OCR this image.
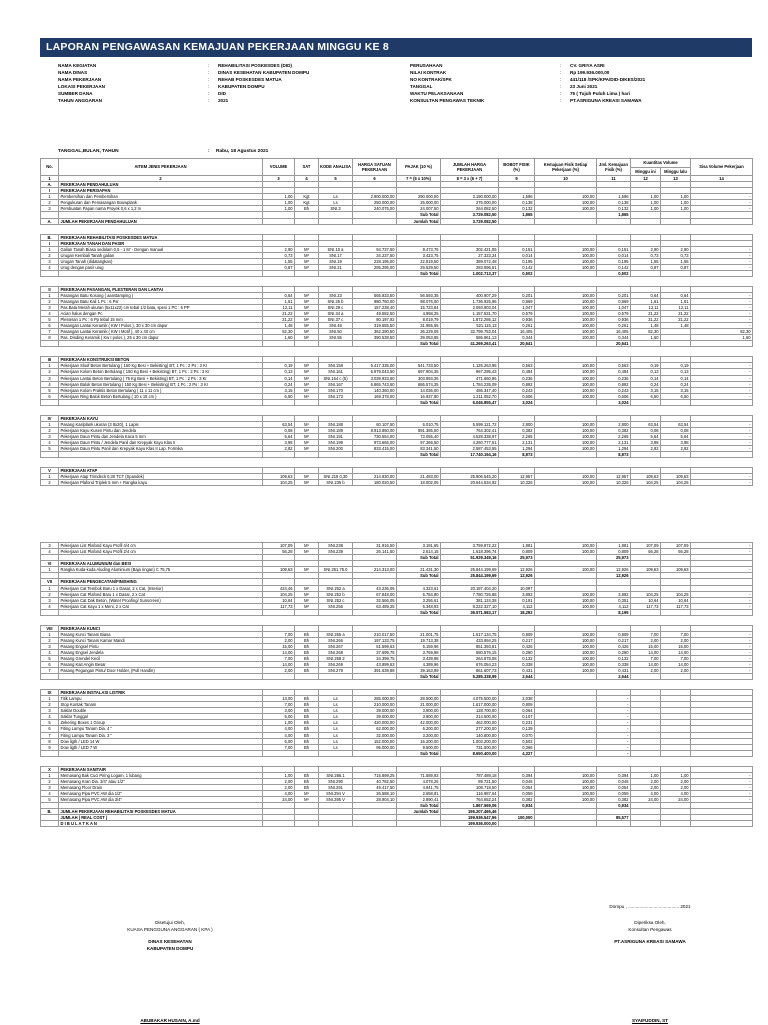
LAPORAN PENGAWASAN KEMAJUAN PEKERJAAN MINGGU KE 8
NAMA KEGIATAN	:	REHABILITASI POSKESDES (DID)
NAMA DINAS	:	DINAS KESEHATAN KABUPATEN DOMPU
NAMA PEKERJAAN	:	REHAB POSKESDES MATUA
LOKASI PEKERJAAN	:	KABUPATEN DOMPU
SUMBER DANA	:	DID
TAHUN ANGGARAN	:	2021
PERUSAHAAN	:	CV. GRIYA ASRI
NILAI KONTRAK	:	Rp 199.936.000,00
NO KONTRAK/SPK	:	441/118 /SPK/KPA/DID-DIKES/2021
TANGGAL	:	23 Juni 2021
WAKTU PELAKSANAAN	:	75 ( Tujuh Puluh Lima ) hari
KONSULTAN PENGAWAS TEKNIK	:	PT.ASRIGUNA KREASI SAMAWA
TANGGAL,BULAN, TAHUN	: Rabu, 18 Agustus 2021
No.	AITEM JENIS PEKERJAAN	VOLUME	SAT	KODE ANALISA	HARGA SATUAN PEKERJAAN	PAJAK (10 %)	JUMLAH HARGA PEKERJAAN	BOBOT FISIK (%)	Kemajuan Fisik Setiap Pekerjaan (%)	Jml. Kemajuan Fisik (%)	Kuantitas Volume		Sisa Volume Pekerjaan
											Minggu ini	Minggu lalu	
1	2	3	4	5	6	7 = (6 x 10%)	8 = 3 x (6 + 7)	9	10	11	12	13	14
A.	PEKERJAAN PENDAHULUAN												
I	PEKERJAAN PERSIAPAN												
1	Pembersihan dan Pembersihan	1,00	Kgt	Ls	2.900.000,00	290.000,00	3.190.000,00	1,596	100,00	1,596	1,00	1,00	-
2	Pengukuran dan Pemasangan Bouwplank	1,00	Kgt	Ls	250.000,00	25.000,00	275.000,00	0,138	100,00	0,138	1,00	1,00	-
3	Pembuatan Papan nama Proyek 0,6 x 1,2 m	1,00	Bh	SNI.3	240.075,00	24.007,50	264.082,50	0,132	100,00	0,132	1,00	1,00	-
						Sub Total	3.729.082,50	1,865		1,865			
A.	JUMLAH PEKERJAAN PENDAHULUAN					Jumlah Total	3.729.082,50						

B.	PEKERJAAN REHABILITASI POSKESDES MATUA												
I	PEKERJAAN TANAH DAN PASIR												
1	Galian Tanah Biasa sedalam 0,5 - 1 M' - Dengan manual	2,90	M³	SNI.10 a	94.737,50	9.473,75	302.421,05	0,151	100,00	0,151	2,90	2,90	-
2	Urugan Kembali Tanah galian	0,73	M³	SNI.17	34.237,50	3.423,75	27.323,24	0,014	100,00	0,014	0,73	0,73	-
3	Urugan Tanah (didatangkan)	1,55	M³	SNI.19	228.195,00	22.819,50	389.072,48	0,195	100,00	0,195	1,55	1,55	-
4	Urug dengan pasir urug	0,87	M³	SNI.21	295.295,00	29.529,50	283.896,61	0,142	100,00	0,142	0,87	0,87	-
						Sub Total	1.002.713,37	0,502		0,502			

II	PEKERJAAN PASANGAN, PLESTERAN DAN LANTAI												
1	Pasangan Batu Kosong ( aanstamping )	0,64	M³	SNI.23	565.933,50	56.593,35	400.907,29	0,201	100,00	0,201	0,64	0,64	-
2	Pasangan Batu Kali 1 Pc : 6 Psr	1,61	M³	SNI.25 b	980.760,00	98.076,00	1.736.925,96	0,869	100,00	0,869	1,61	1,61	-
3	Pas.Bata Merah ukuran (5x11x22) cm tebal 1/2 bata, spesi 1 PC : 6 PP	12,11	M²	SNI.29 c	157.238,40	15.723,84	2.093.803,04	1,047	100,00	1,047	12,11	12,11	-
4	Acian halus dengan Pc	21,22	M²	SNI.34 a	49.582,50	4.958,25	1.157.531,70	0,579	100,00	0,579	21,22	21,22	-
5	Plesteran 1 Pc : 6 Pp tebal 15 mm	21,22	M²	SNI.37 c	80.197,92	8.019,79	1.872.286,12	0,936	100,00	0,936	21,22	21,22	-
6	Pasangan Lantai Keramik ( KW I Polos ), 30 x 30 cm dapur	1,48	M²	SNI.48	319.555,50	31.955,55	521.115,13	0,261	100,00	0,261	1,48	1,48	-
7	Pasangan Lantai Keramik ( KW I Motif ), 40 x 40 cm	82,30	M²	SNI.50	362.290,50	36.229,05	32.799.753,04	16,405	100,00	16,405	82,30		82,30
8	Pas. Dinding Keramik ( Kw I polos ), 25 x 30 cm dapur	1,60	M²	SNI.55	390.538,50	39.053,85	686.961,13	0,344	100,00	0,344	1,60		1,60
						Sub Total	41.269.263,41	20,641		20,641			

III	PEKERJAAN KONSTRUKSI BETON												
1	Pekerjaan Sloof Beton Bertulang ( 150 Kg Besi + Bekisting) BT, 1 Pc : 2 Ps : 3 Kr	0,19	M³	SNI.158	5.417.335,00	541.733,50	1.126.263,95	0,563	100,00	0,563	0,19	0,19	-
2	Pekerjaan Kolom Beton Bertulang ( 150 Kg Besi + Bekisting) BT, 1 Pc : 2 Ps : 3 Kr	0,13	M³	SNI.161	6.979.043,50	697.904,35	967.295,43	0,484	100,00	0,484	0,13	0,13	-
3	Pekerjaan Lantai Beton Bertulang ( 75 Kg Besi + Bekisting) BT, 1 Pc : 2 Ps : 3 Kr	0,14	M³	SNI.164 c (5)	3.039.933,60	303.993,36	471.660,96	0,236	100,00	0,236	0,14	0,14	-
4	Pekerjaan Balok Beton Bertulang ( 150 Kg Besi + Bekisting) BT, 1 Pc : 2 Ps : 3 Kr	0,24	M³	SNI.167	6.865.743,50	686.574,35	1.784.235,09	0,892	100,00	0,892	0,24	0,24	-
5	Pekerjaan Kolom Praktis Beton Bertulang ( 11 x 11 cm )	3,15	M¹	SNI.170	140.360,00	14.036,00	486.347,40	0,243	100,00	0,243	3,15	3,15	-
6	Pekerjaan Ring Balok Beton Bertulang ( 10 x 15 cm )	6,50	M¹	SNI.173	169.378,00	16.937,80	1.211.052,70	0,606	100,00	0,606	6,50	6,50	-
						Sub Total	6.046.855,47	3,024		3,024			

IV	PEKERJAAN KAYU												
1	Pasang Kaslplank ukuran (3 8x20), 1 Lapis	63,54	M¹	SNI.188	60.107,50	6.010,75	5.599.121,72	2,800	100,00	2,800	63,54	63,54	-
2	Pekerjaan Kayu Kusen Pintu dan Jendela	0,08	M³	SNI.189	8.913.850,00	891.385,00	764.302,41	0,382	100,00	0,382	0,08	0,08	-
3	Pekerjaan Daun Pintu dan Jendela Kaca 5 mm	5,64	M²	SNI.191	730.554,00	73.055,40	4.528.338,97	2,265	100,00	2,265	5,64	5,64	-
4	Pekerjaan Daun Pintu / Jendela Panil dan Krepyak Kayu Klas II	3,98	M²	SNI.199	973.665,00	97.366,50	4.260.777,51	2,131	100,00	2,131	3,98	3,98	-
5	Pekerjaan Daun Pintu Panil dan Krepyak Kayu Klas II Lap. Formika	2,82	M²	SNI.200	833.415,00	83.341,50	2.587.453,55	1,294	100,00	1,294	2,82	2,82	-
						Sub Total	17.740.194,16	8,873		8,873			

V	PEKERJAAN ATAP												
1	Pekerjaan Atap Trimdeck 0,30 TCT (Spandek)	109,63	M²	SNI.219 0,30	214.830,00	21.483,00	25.906.545,20	12,957	100,00	12,957	109,63	109,63	-
2	Pekerjaan Plafond Triplek 5 mm + Rangka kayu	104,25	M²	SNI.235 b	180.020,50	18.002,05	20.644.534,92	10,326	100,00	10,326	104,25	104,25	-
3	Pekerjaan List Plafond Kayu Profil 4/4 cm	107,09	M¹	SNI.238	31.916,50	3.191,65	3.759.872,22	1,881	100,00	1,881	107,09	107,09	-
4	Pekerjaan List Plafond Kayu Profil 2/4 cm	56,28	M¹	SNI.239	26.141,50	2.614,15	1.618.396,74	0,809	100,00	0,809	56,28	56,28	-
						Sub Total	51.929.349,16	25,973		25,973			
VI	PEKERJAAN ALUMUNIUM dan BESI												
1	Rangka Kuda-kuda Aluding Aluminium (Baja ringan) C 75,75	109,63	M²	SNI.251.75.0	214.313,00	21.431,30	25.844.199,69	12,926	100,00	12,926	109,63	109,63	-
						Sub Total	25.844.199,69	12,926		12,926			
VII	PEKERJAAN PENGECATAN/FINISHING												
1	Pekerjaan Cat Tembok Baru 1 x Dasar, 2 x Cat, (Interior)	424,46	M²	SNI.252 a	43.236,05	4.323,61	20.187.404,20	10,097					
2	Pekerjaan Cat Plafond Baru 1 x Dasar, 2 x Cat	104,25	M²	SNI.252 b	67.848,00	6.784,80	7.780.726,88	3,892	100,00	3,892	104,25	104,25	-
3	Pekerjaan Cat Dak Beton, (Water Proofing/ Sunscreen)	10,64	M²	SNI.252 c	32.566,05	3.256,61	381.124,38	0,191	100,00	0,351	10,64	10,64	-
4	Pekerjaan Cat Kayu 1 x Meni, 2 x Cat	117,73	M²	SNI.256	63.489,25	6.348,93	8.222.327,10	4,112	100,00	4,112	117,73	117,73	-
						Sub Total	36.571.583,17	18,292		8,195			

VIII	PEKERJAAN KUNCI												
1	Pasang Kunci Tanam Biasa	7,00	Bh	SNI.265 a	210.017,50	21.001,75	1.617.134,75	0,809	100,00	0,809	7,00	7,00	-
2	Pasang Kunci Tanam Kamar Mandi	2,00	Bh	SNI.266	197.133,75	19.713,38	433.694,25	0,217	100,00	0,217	2,00	2,00	-
3	Pasang Engsel Pintu	15,00	Bh	SNI.267	51.599,63	5.159,96	851.393,81	0,426	100,00	0,426	15,00	15,00	-
4	Pasang Engsel Jendela	14,00	Bh	SNI.268	37.699,75	3.769,98	580.576,15	0,290	100,00	0,290	14,00	14,00	-
5	Pasang Grendel Kecil	7,00	Bh	SNI.268 2	34.399,75	3.439,98	264.878,08	0,132	100,00	0,132	7,00	7,00	-
6	Pasang Kait Angin Besar	14,00	Bh	SNI.269	43.899,63	4.389,96	676.054,23	0,338	100,00	0,338	14,00	14,00	-
7	Pasang Pegangan Pintu/ Door Holder, (Pull Handle)	2,00	Bh	SNI.279	391.639,88	39.163,99	861.607,73	0,431	100,00	0,431	2,00	2,00	-
						Sub Total	5.285.338,99	2,644		2,644			

IX	PEKERJAAN INSTALASI LISTRIK												
1	Titik Lampu	13,00	Bh	Ls	285.000,00	28.500,00	4.075.500,00	2,038		-			
2	Stop Kontak Tanam	7,00	Bh	Ls	210.000,00	21.000,00	1.617.000,00	0,809		-			
3	Saklar Double	3,00	Bh	Ls	39.000,00	3.900,00	128.700,00	0,064		-			
4	Saklar Tunggal	5,00	Bh	Ls	39.000,00	3.900,00	214.500,00	0,107		-			
5	Zekering Boxes 1 Group	1,00	Bh	Ls	420.000,00	42.000,00	462.000,00	0,231		-			
6	Fiting Lampu Tanam Dia. 4 "	4,00	Bh	Ls	62.000,00	6.200,00	277.200,00	0,139		-			
7	Fiting Lampu Tanam Dia. 3 "	4,00	Bh	Ls	32.000,00	3.200,00	140.800,00	0,070		-			
8	Dow ligth / LED 14 W	6,00	Bh	Ls	152.000,00	15.200,00	1.003.200,00	0,502		-			
9	Dow ligth / LED 7 W	7,00	Bh	Ls	95.000,00	9.500,00	731.500,00	0,366		-			
						Sub Total	8.650.400,00	4,327		-			

X	PEKERJAAN SANITAIR												
1	Memasang Bak Cuci Piring Logam, 1 lubang	1,00	Bh	SNI.286.1	715.899,25	71.589,93	787.489,18	0,394	100,00	0,394	1,00	1,00	-
2	Memasang Kran Dia. 3/4" atau 1/2"	2,00	Bh	SNI.290	40.782,50	4.078,25	89.721,50	0,045	100,00	0,045	2,00	2,00	-
3	Memasang Floor Drain	2,00	Bh	SNI.291	49.417,50	4.941,75	108.718,50	0,054	100,00	0,054	2,00	2,00	-
4	Memasang Pipa PVC AW dia 1/2"	4,00	M¹	SNI.294 V	26.588,10	2.658,81	116.987,64	0,059	100,00	0,059	4,00	4,00	-
5	Memasang Pipa PVC AW dia 3/4"	24,00	M¹	SNI.295 V	28.904,10	2.890,41	764.652,24	0,382	100,00	0,382	24,00	24,00	-
						Sub Total	1.867.569,06	0,934		0,934			
B.	JUMLAH PEKERJAAN REHABILITASI POSKESDES MATUA					Jumlah Total	196.207.465,46						
	JUMLAH ( REAL COST )						199.936.547,96	100,000		85,577			
	D I B U L A T K A N						199.936.000,00						
Dompu , ........................................ 2021
Disetujui Oleh,
KUASA PENGGUNA ANGGARAN ( KPA )
DINAS KESEHATAN
KABUPATEN DOMPU
Diperiksa Oleh,
Konsultan Pengawas
PT.ASRIGUNA KREASI SAMAWA
ABUBAKAR HUSAIN, A.md	SYAIFUDDIN, ST
